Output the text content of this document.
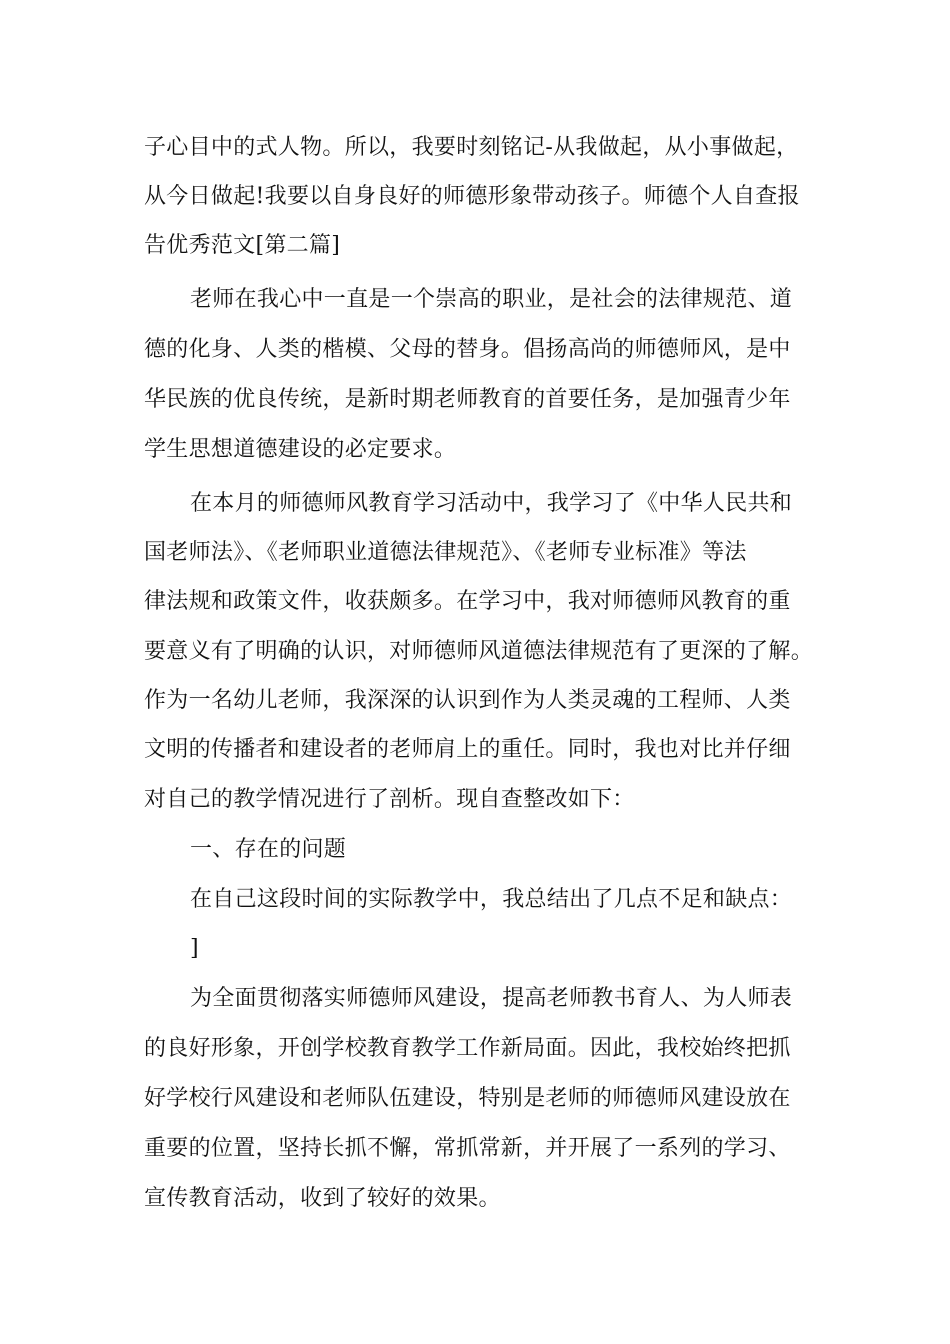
子心目中的式人物。所以，我要时刻铭记-从我做起，从小事做起，
从今日做起!我要以自身良好的师德形象带动孩子。师德个人自查报
告优秀范文[第二篇]
老师在我心中一直是一个崇高的职业，是社会的法律规范、道
德的化身、人类的楷模、父母的替身。倡扬高尚的师德师风，是中
华民族的优良传统，是新时期老师教育的首要任务，是加强青少年
学生思想道德建设的必定要求。
在本月的师德师风教育学习活动中，我学习了《中华人民共和
国老师法》、《老师职业道德法律规范》、《老师专业标准》等法
律法规和政策文件，收获颇多。在学习中，我对师德师风教育的重
要意义有了明确的认识，对师德师风道德法律规范有了更深的了解。
作为一名幼儿老师，我深深的认识到作为人类灵魂的工程师、人类
文明的传播者和建设者的老师肩上的重任。同时，我也对比并仔细
对自己的教学情况进行了剖析。现自查整改如下：
一、存在的问题
在自己这段时间的实际教学中，我总结出了几点不足和缺点：
]
为全面贯彻落实师德师风建设，提高老师教书育人、为人师表
的良好形象，开创学校教育教学工作新局面。因此，我校始终把抓
好学校行风建设和老师队伍建设，特别是老师的师德师风建设放在
重要的位置，坚持长抓不懈，常抓常新，并开展了一系列的学习、
宣传教育活动，收到了较好的效果。
